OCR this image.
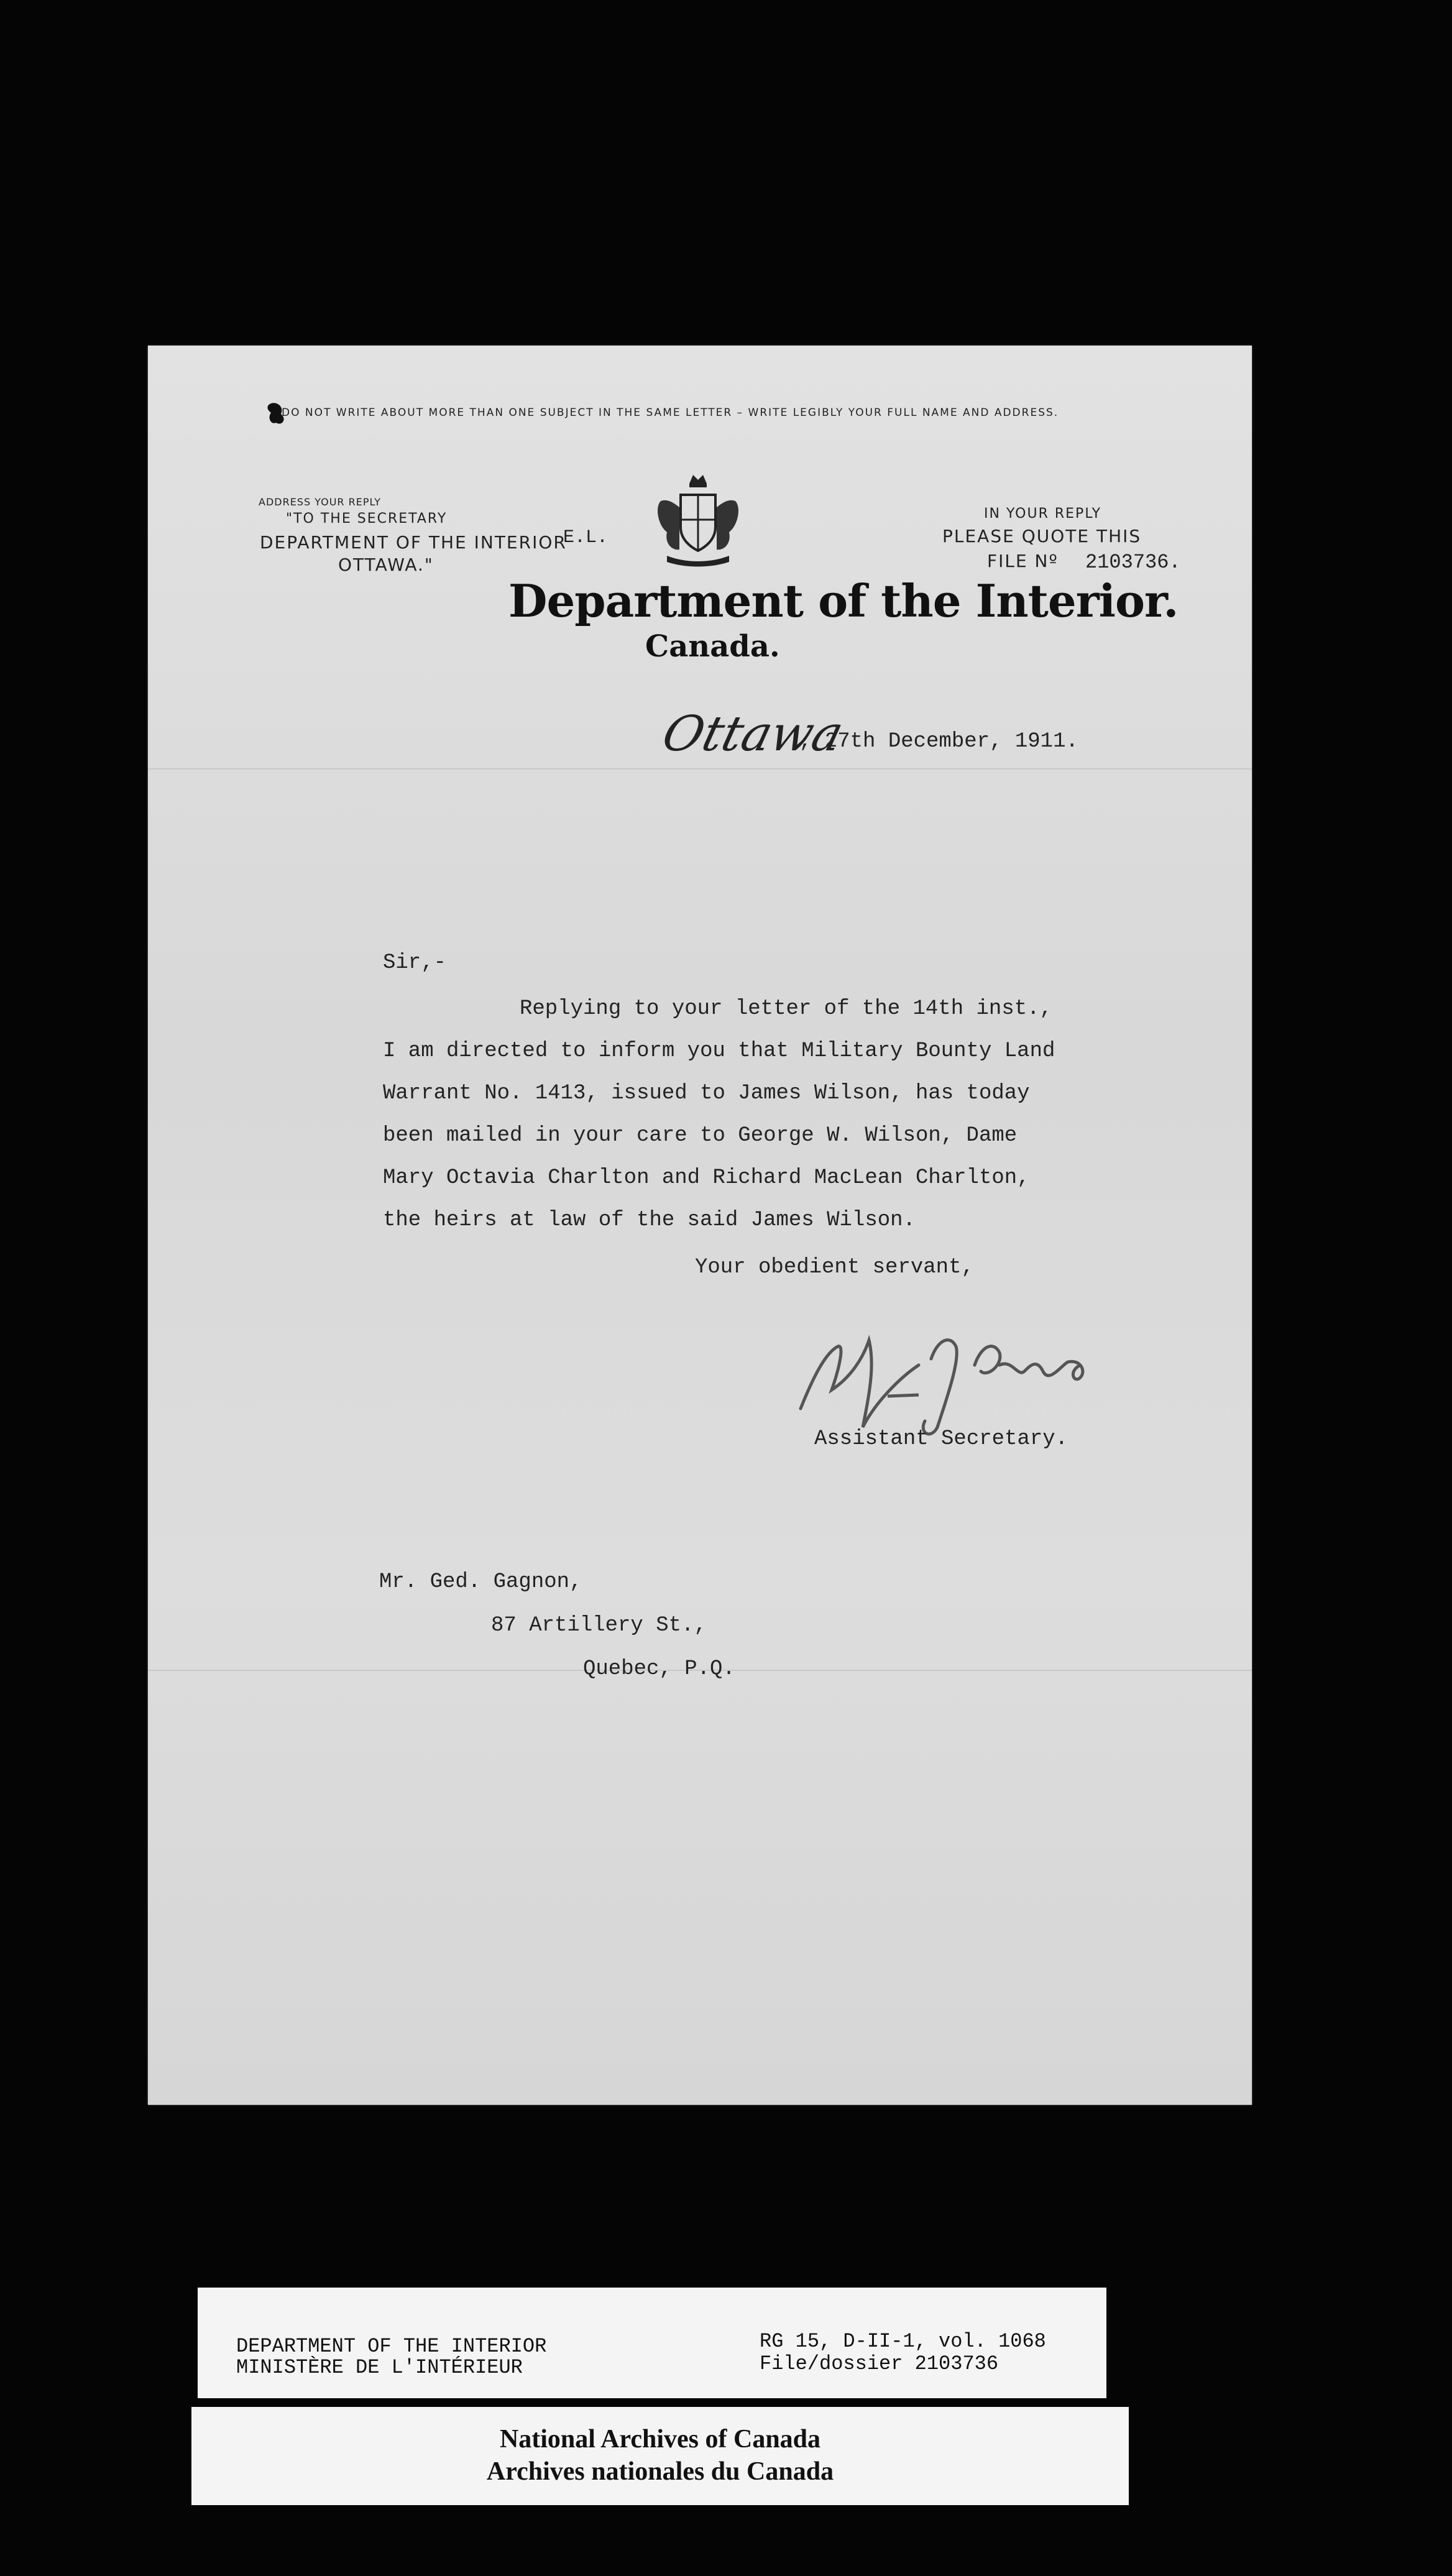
DO NOT WRITE ABOUT MORE THAN ONE SUBJECT IN THE SAME LETTER – WRITE LEGIBLY YOUR FULL NAME AND ADDRESS.
ADDRESS YOUR REPLY
"TO THE SECRETARY
DEPARTMENT OF THE INTERIOR
OTTAWA."
E.L.
Department of the Interior.
Canada.
IN YOUR REPLY
PLEASE QUOTE THIS
FILE Nº 2103736.
Ottawa
, 27th December, 1911.
Sir,-
Replying to your letter of the 14th inst.,
I am directed to inform you that Military Bounty Land
Warrant No. 1413, issued to James Wilson, has today
been mailed in your care to George W. Wilson, Dame
Mary Octavia Charlton and Richard MacLean Charlton,
the heirs at law of the said James Wilson.
Your obedient servant,
Assistant Secretary.
Mr. Ged. Gagnon,
87 Artillery St.,
Quebec, P.Q.
DEPARTMENT OF THE INTERIOR
MINISTÈRE DE L'INTÉRIEUR
RG 15, D-II-1, vol. 1068
File/dossier 2103736
National Archives of Canada
Archives nationales du Canada
